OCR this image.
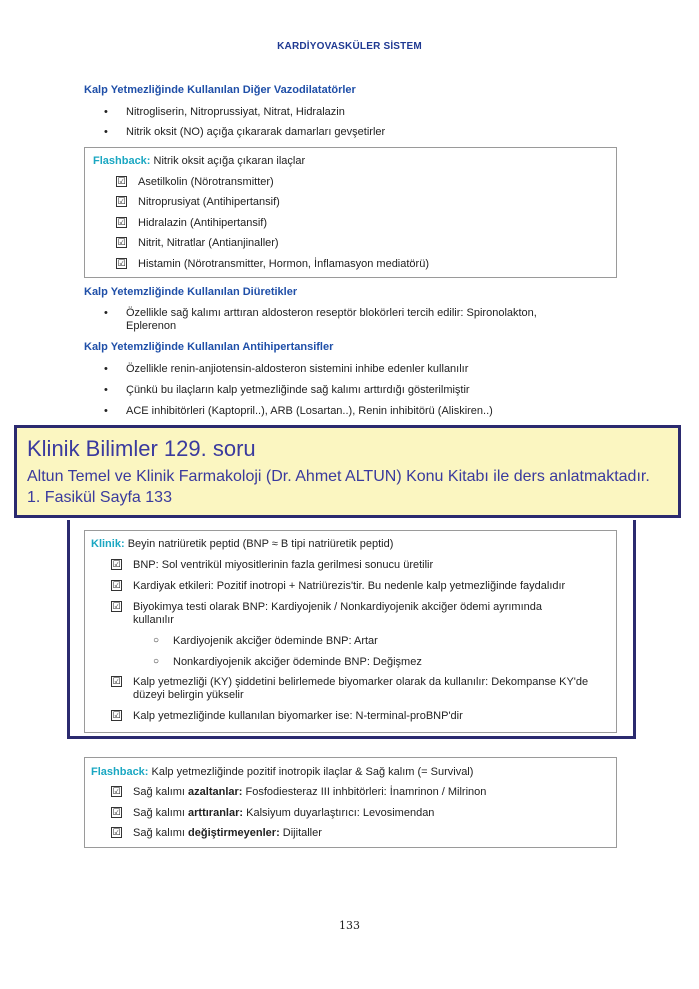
KARDİYOVASKÜLER SİSTEM
Kalp Yetmezliğinde Kullanılan Diğer Vazodilatatörler
• Nitrogliserin, Nitroprussiyat, Nitrat, Hidralazin
• Nitrik oksit (NO) açığa çıkararak damarları gevşetirler
Flashback: Nitrik oksit açığa çıkaran ilaçlar
☑	Asetilkolin (Nörotransmitter)
☑	Nitroprusiyat (Antihipertansif)
☑	Hidralazin (Antihipertansif)
☑	Nitrit, Nitratlar (Antianjinaller)
☑	Histamin (Nörotransmitter, Hormon, İnflamasyon mediatörü)
Kalp Yetemzliğinde Kullanılan Diüretikler
• Özellikle sağ kalımı arttıran aldosteron reseptör blokörleri tercih edilir: Spironolakton, Eplerenon
Kalp Yetemzliğinde Kullanılan Antihipertansifler
• Özellikle renin-anjiotensin-aldosteron sistemini inhibe edenler kullanılır
• Çünkü bu ilaçların kalp yetmezliğinde sağ kalımı arttırdığı gösterilmiştir
• ACE inhibitörleri (Kaptopril..), ARB (Losartan..), Renin inhibitörü (Aliskiren..)
Klinik: Beyin natriüretik peptid (BNP ≈ B tipi natriüretik peptid)
☑	BNP: Sol ventrikül miyositlerinin fazla gerilmesi sonucu üretilir
☑	Kardiyak etkileri: Pozitif inotropi + Natriürezis'tir. Bu nedenle kalp yetmezliğinde faydalıdır
☑	Biyokimya testi olarak BNP: Kardiyojenik / Nonkardiyojenik akciğer ödemi ayrımında kullanılır
○	Kardiyojenik akciğer ödeminde BNP: Artar
○	Nonkardiyojenik akciğer ödeminde BNP: Değişmez
☑	Kalp yetmezliği (KY) şiddetini belirlemede biyomarker olarak da kullanılır: Dekompanse KY'de düzeyi belirgin yükselir
☑	Kalp yetmezliğinde kullanılan biyomarker ise: N-terminal-proBNP'dir
Klinik Bilimler 129. soru
Altun Temel ve Klinik Farmakoloji (Dr. Ahmet ALTUN) Konu Kitabı ile ders anlatmaktadır. 1. Fasikül Sayfa 133
Flashback: Kalp yetmezliğinde pozitif inotropik ilaçlar & Sağ kalım (= Survival)
☑	Sağ kalımı azaltanlar: Fosfodiesteraz III inhbitörleri: İnamrinon / Milrinon
☑	Sağ kalımı arttıranlar: Kalsiyum duyarlaştırıcı: Levosimendan
☑	Sağ kalımı değiştirmeyenler: Dijitaller
133
